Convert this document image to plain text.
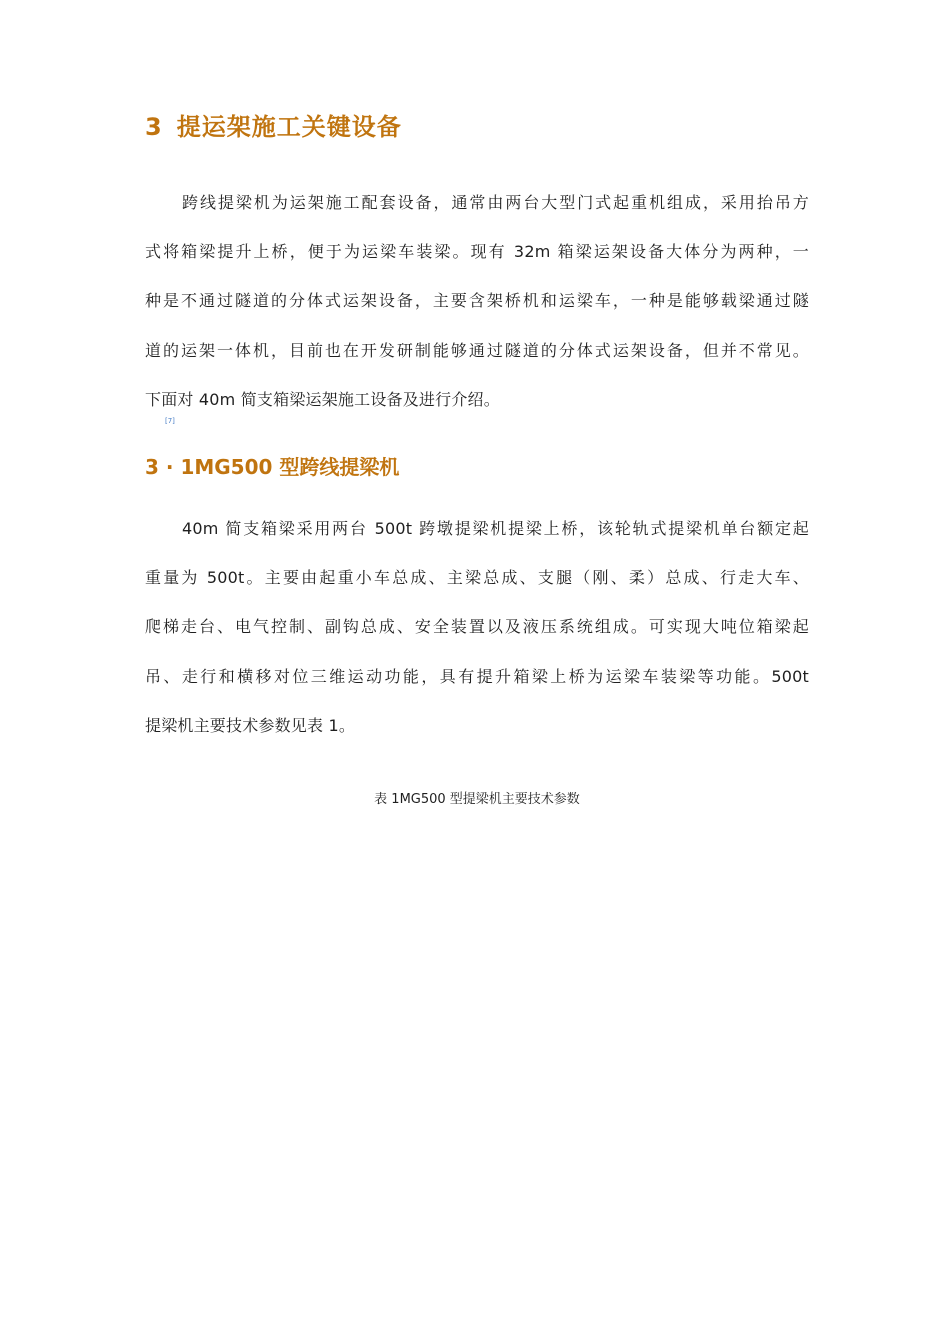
3 提运架施工关键设备

跨线提梁机为运架施工配套设备，通常由两台大型门式起重机组成，采用抬吊方
式将箱梁提升上桥，便于为运梁车装梁。现有 32m 箱梁运架设备大体分为两种，一
种是不通过隧道的分体式运架设备，主要含架桥机和运梁车，一种是能够载梁通过隧
道的运架一体机，目前也在开发研制能够通过隧道的分体式运架设备，但并不常见。
下面对 40m 简支箱梁运架施工设备及进行介绍。

[7]
3 · 1MG500 型跨线提梁机

40m 简支箱梁采用两台 500t 跨墩提梁机提梁上桥，该轮轨式提梁机单台额定起
重量为 500t。主要由起重小车总成、主梁总成、支腿（刚、柔）总成、行走大车、
爬梯走台、电气控制、副钩总成、安全装置以及液压系统组成。可实现大吨位箱梁起
吊、走行和横移对位三维运动功能，具有提升箱梁上桥为运梁车装梁等功能。500t
提梁机主要技术参数见表 1。

表 1MG500 型提梁机主要技术参数
